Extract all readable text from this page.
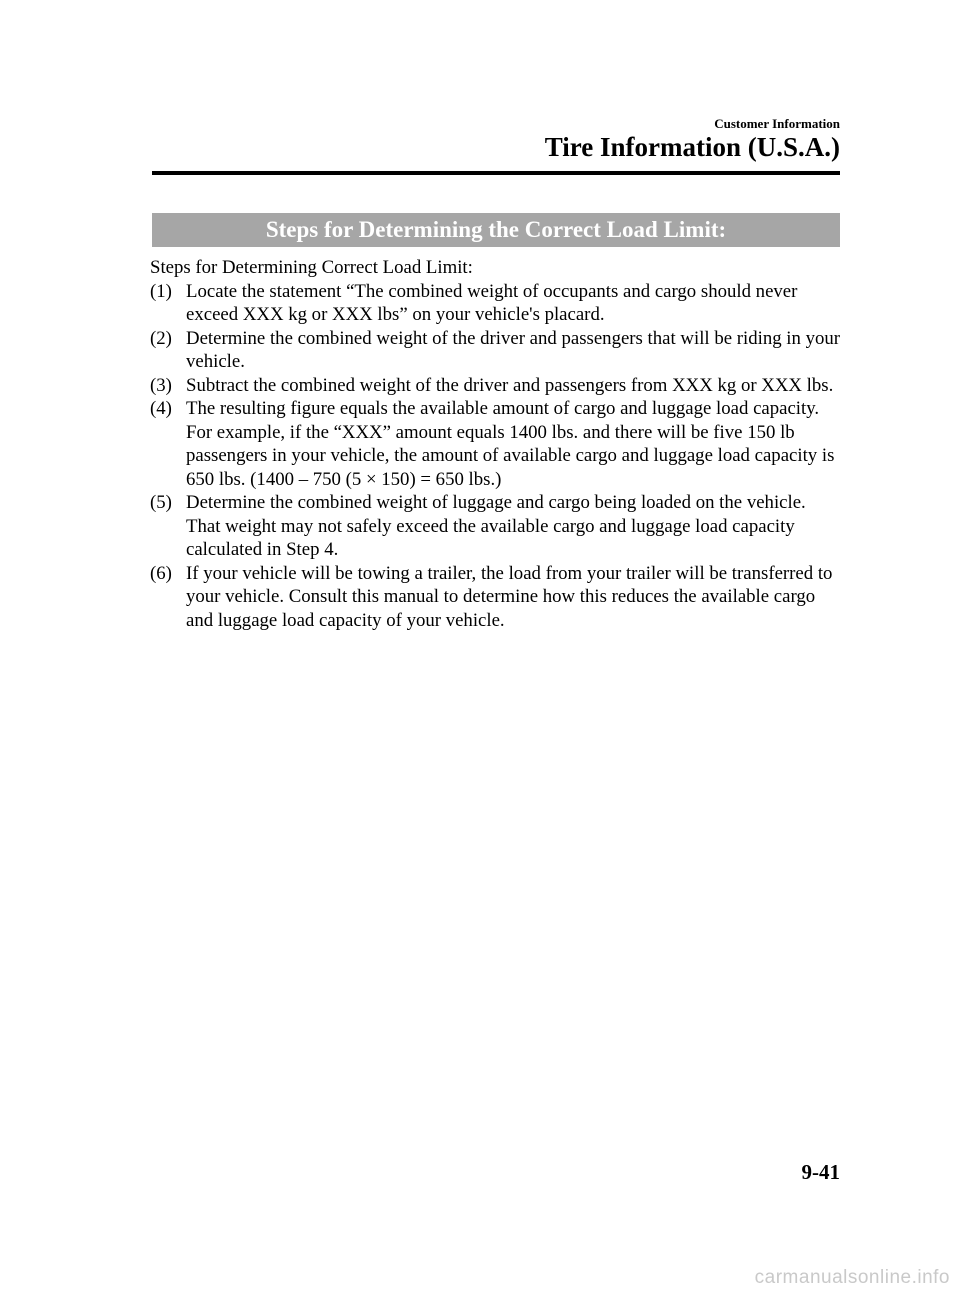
Customer Information
Tire Information (U.S.A.)
Steps for Determining the Correct Load Limit:

Steps for Determining Correct Load Limit:

(1) Locate the statement “The combined weight of occupants and cargo should never exceed XXX kg or XXX lbs” on your vehicle's placard.
(2) Determine the combined weight of the driver and passengers that will be riding in your vehicle.
(3) Subtract the combined weight of the driver and passengers from XXX kg or XXX lbs.
(4) The resulting figure equals the available amount of cargo and luggage load capacity. For example, if the “XXX” amount equals 1400 lbs. and there will be five 150 lb passengers in your vehicle, the amount of available cargo and luggage load capacity is 650 lbs. (1400 – 750 (5 × 150) = 650 lbs.)
(5) Determine the combined weight of luggage and cargo being loaded on the vehicle. That weight may not safely exceed the available cargo and luggage load capacity calculated in Step 4.
(6) If your vehicle will be towing a trailer, the load from your trailer will be transferred to your vehicle. Consult this manual to determine how this reduces the available cargo and luggage load capacity of your vehicle.
9-41
carmanualsonline.info
